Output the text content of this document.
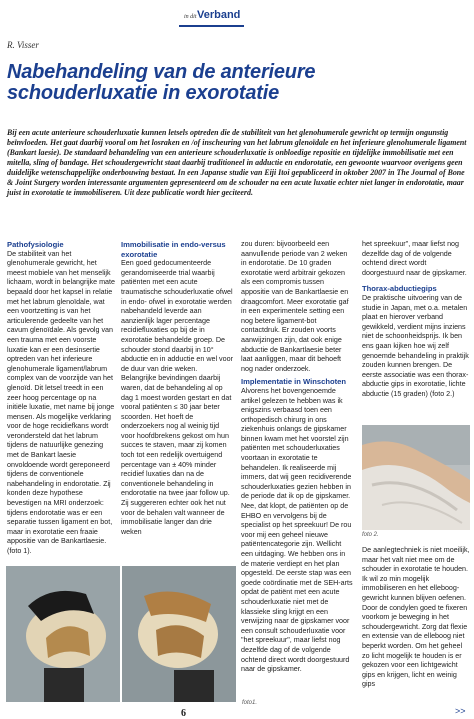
in dit Verband
R. Visser
Nabehandeling van de anterieure schouderluxatie in exorotatie

Bij een acute anterieure schouderluxatie kunnen letsels optreden die de stabiliteit van het glenohumerale gewricht op termijn ongunstig beïnvloeden. Het gaat daarbij vooral om het losraken en /of inscheuring van het labrum glenoïdale en het inferieure glenohumerale ligament (Bankart laesie). De standaard behandeling van een anterieure schouderluxatie is onbloedige repositie en tijdelijke immobilisatie met een mitella, sling of bandage. Het schoudergewricht staat daarbij traditioneel in adductie en endorotatie, een gewoonte waarvoor overigens geen duidelijke wetenschappelijke onderbouwing bestaat. In een Japanse studie van Eiji Itoi gepubliceerd in oktober 2007 in The Journal of Bone & Joint Surgery worden interessante argumenten gepresenteerd om de schouder na een acute luxatie echter niet langer in endorotatie, maar juist in exorotatie te immobiliseren. Uit deze publicatie wordt hier geciteerd.

Pathofysiologie

De stabiliteit van het glenohumerale gewricht, het meest mobiele van het menselijk lichaam, wordt in belangrijke mate bepaald door het kapsel in relatie met het labrum glenoïdale, wat een voortzetting is van het articulerende gedeelte van het cavum glenoïdale. Als gevolg van een trauma met een voorste luxatie kan er een desinsertie optreden van het inferieure glenohumerale ligament/labrum complex van de voorzijde van het glenoïd. Dit letsel treedt in een zeer hoog percentage op na initiële luxatie, met name bij jonge mensen. Als mogelijke verklaring voor de hoge recidiefkans wordt verondersteld dat het labrum tijdens de natuurlijke genezing met de Bankart laesie onvoldoende wordt gereponeerd tijdens de conventionele nabehandeling in endorotatie. Zij konden deze hypothese bevestigen na MRI onderzoek: tijdens endorotatie was er een separatie tussen ligament en bot, maar in exorotatie een fraaie appositie van de Bankartlaesie. (foto 1).

Immobilisatie in endo-versus exorotatie

Een goed gedocumenteerde gerandomiseerde trial waarbij patiënten met een acute traumatische schouderluxatie ofwel in endo- ofwel in exorotatie werden nabehandeld leverde aan aanzienlijk lager percentage recidiefluxaties op bij de in exorotatie behandelde groep. De schouder stond daarbij in 10° abductie en in adductie en wel voor de duur van drie weken. Belangrijke bevindingen daarbij waren, dat de behandeling al op dag 1 moest worden gestart en dat vooral patiënten ≤ 30 jaar beter scoorden. Het hoeft de onderzoekers nog al weinig tijd voor hoofdbrekens gekost om hun succes te staven, maar zij komen toch tot een redelijk overtuigend percentage van ± 40% minder recidief luxaties dan na de conventionele behandeling in endorotatie na twee jaar follow up. Zij suggereren echter ook het nut voor de behalen valt wanneer de immobilisatie langer dan drie weken

zou duren: bijvoorbeeld een aanvullende periode van 2 weken in endorotatie. De 10 graden exorotatie werd arbitrair gekozen als een compromis tussen appositie van de Bankartlaesie en draagcomfort. Meer exorotatie gaf in een experimentele setting een nog betere ligament-bot contactdruk. Er zouden voorts aanwijzingen zijn, dat ook enige abductie de Bankartlaesie beter laat aanliggen, maar dit behoeft nog nader onderzoek.

Implementatie in Winschoten

Alvorens het bovengenoemde artikel gelezen te hebben was ik enigszins verbaasd toen een orthopedisch chirurg in ons ziekenhuis onlangs de gipskamer binnen kwam met het voorstel zijn patiënten met schouderluxaties voortaan in exorotatie te behandelen. Ik realiseerde mij immers, dat wij geen recidiverende schouderluxaties gezien hebben in de periode dat ik op de gipskamer. Nee, dat klopt, de patiënten op de EHBO en vervolgens bij de specialist op het spreekuur! De rou voor mij een geheel nieuwe patiëntencategorie zijn. Wellicht een uitdaging. We hebben ons in de materie verdiept en het plan opgesteld. De eerste stap was een goede coördinatie met de SEH-arts opdat de patiënt met een acute schouderluxatie niet met de klassieke sling krijgt en een verwijzing naar de gipskamer voor een consult schouderluxatie voor "het spreekuur", maar liefst nog dezelfde dag of de volgende ochtend direct wordt doorgestuurd naar de gipskamer.

het spreekuur", maar liefst nog dezelfde dag of de volgende ochtend direct wordt doorgestuurd naar de gipskamer.

Thorax-abductiegips

De praktische uitvoering van de studie in Japan, met o.a. metalen plaat en hierover verband gewikkeld, verdient mijns inziens niet de schoonheidsprijs. Ik ben ens gaan kijken hoe wij zelf genoemde behandeling in praktijk zouden kunnen brengen. De eerste associatie was een thorax-abductie gips in exorotatie, lichte abductie (15 graden) (foto 2.)

foto 2.

De aanlegtechniek is niet moeilijk, maar het valt niet mee om de schouder in exorotatie te houden. Ik wil zo min mogelijk immobiliseren en het elleboog-gewricht kunnen blijven oefenen. Door de condylen goed te fixeren voorkom je beweging in het schoudergewricht. Zorg dat flexie en extensie van de elleboog niet beperkt worden. Om het geheel zo licht mogelijk te houden is er gekozen voor een lichtgewicht gips en krijgen, licht en weinig gips

foto1.
6	>>
